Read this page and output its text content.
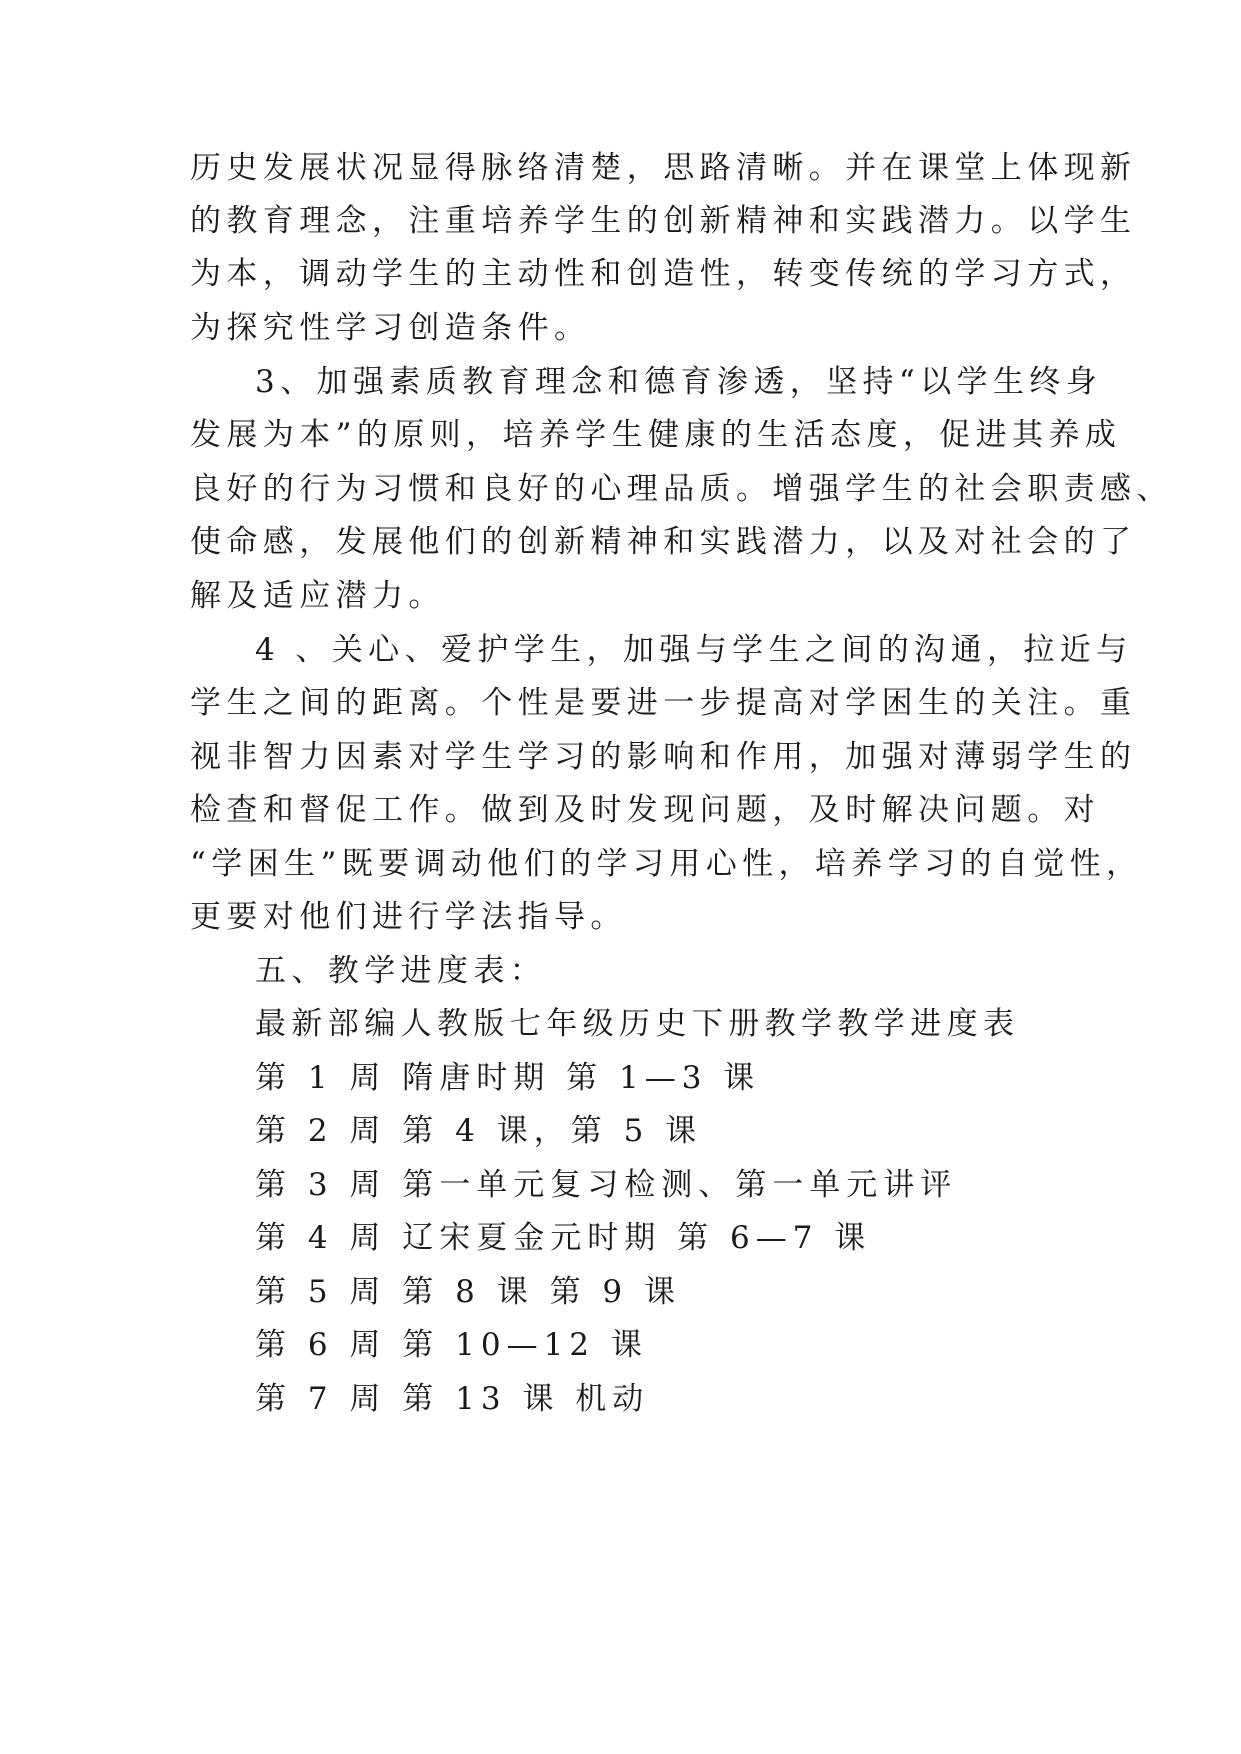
历史发展状况显得脉络清楚，思路清晰。并在课堂上体现新
的教育理念，注重培养学生的创新精神和实践潜力。以学生
为本，调动学生的主动性和创造性，转变传统的学习方式，
为探究性学习创造条件。
3、加强素质教育理念和德育渗透，坚持“以学生终身
发展为本”的原则，培养学生健康的生活态度，促进其养成
良好的行为习惯和良好的心理品质。增强学生的社会职责感、
使命感，发展他们的创新精神和实践潜力，以及对社会的了
解及适应潜力。
4 、关心、爱护学生，加强与学生之间的沟通，拉近与
学生之间的距离。个性是要进一步提高对学困生的关注。重
视非智力因素对学生学习的影响和作用，加强对薄弱学生的
检查和督促工作。做到及时发现问题，及时解决问题。对
“学困生”既要调动他们的学习用心性，培养学习的自觉性，
更要对他们进行学法指导。
五、教学进度表：
最新部编人教版七年级历史下册教学教学进度表
第 1 周 隋唐时期 第 1—3 课
第 2 周 第 4 课，第 5 课
第 3 周 第一单元复习检测、第一单元讲评
第 4 周 辽宋夏金元时期 第 6—7 课
第 5 周 第 8 课 第 9 课
第 6 周 第 10—12 课
第 7 周 第 13 课 机动
